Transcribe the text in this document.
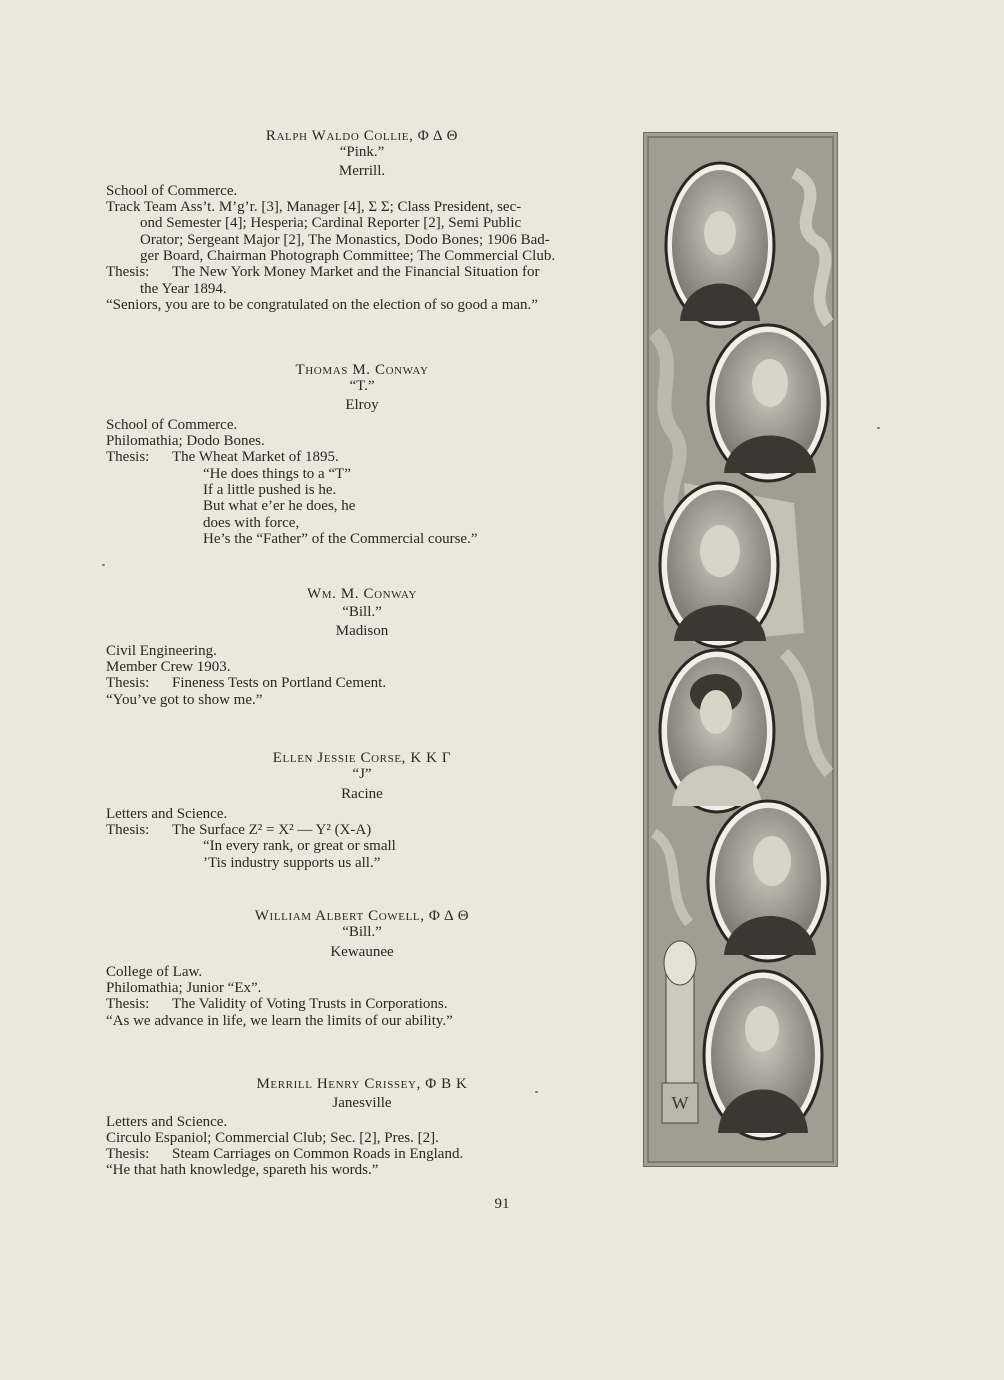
Ralph Waldo Collie, Φ Δ Θ
“Pink.”
Merrill.
School of Commerce.
Track Team Ass’t. M’g’r. [3], Manager [4], Σ Σ; Class President, sec-
ond Semester [4]; Hesperia; Cardinal Reporter [2], Semi Public
Orator; Sergeant Major [2], The Monastics, Dodo Bones; 1906 Bad-
ger Board, Chairman Photograph Committee; The Commercial Club.
Thesis:	The New York Money Market and the Financial Situation for
the Year 1894.
“Seniors, you are to be congratulated on the election of so good a man.”
Thomas M. Conway
“T.”
Elroy
School of Commerce.
Philomathia; Dodo Bones.
Thesis:	The Wheat Market of 1895.
“He does things to a “T”
If a little pushed is he.
But what e’er he does, he
does with force,
He’s the “Father” of the Commercial course.”
Wm. M. Conway
“Bill.”
Madison
Civil Engineering.
Member Crew 1903.
Thesis:	Fineness Tests on Portland Cement.
“You’ve got to show me.”
Ellen Jessie Corse, K K Γ
“J”
Racine
Letters and Science.
Thesis:	The Surface Z² = X² — Y² (X-A)
“In every rank, or great or small
’Tis industry supports us all.”
William Albert Cowell, Φ Δ Θ
“Bill.”
Kewaunee
College of Law.
Philomathia; Junior “Ex”.
Thesis:	The Validity of Voting Trusts in Corporations.
“As we advance in life, we learn the limits of our ability.”
Merrill Henry Crissey, Φ B K
Janesville
Letters and Science.
Circulo Espaniol; Commercial Club; Sec. [2], Pres. [2].
Thesis:	Steam Carriages on Common Roads in England.
“He that hath knowledge, spareth his words.”
W
91
